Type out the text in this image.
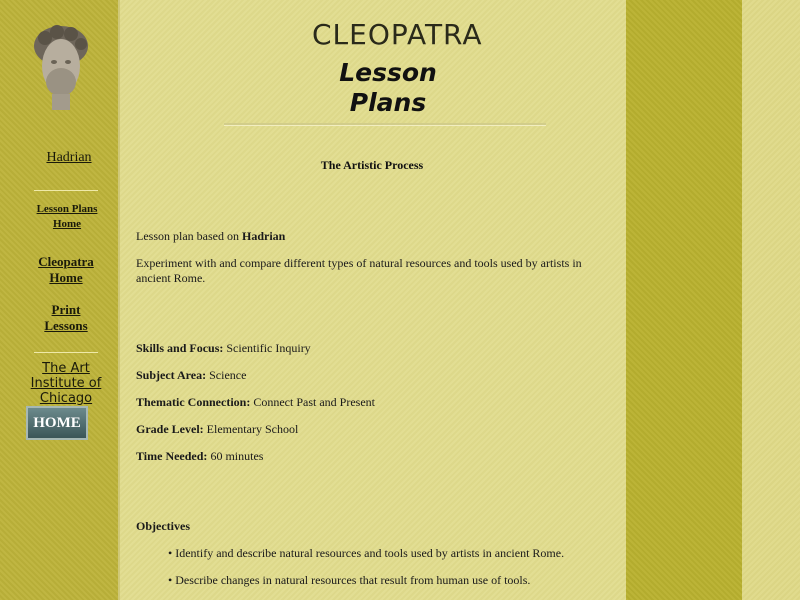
Hadrian
Lesson Plans Home
Cleopatra Home
Print Lessons
The Art Institute of Chicago
HOME
CLEOPATRA
Lesson
Plans
The Artistic Process
Lesson plan based on Hadrian
Experiment with and compare different types of natural resources and tools used by artists in ancient Rome.
Skills and Focus: Scientific Inquiry
Subject Area: Science
Thematic Connection: Connect Past and Present
Grade Level: Elementary School
Time Needed: 60 minutes
Objectives
• Identify and describe natural resources and tools used by artists in ancient Rome.
• Describe changes in natural resources that result from human use of tools.
